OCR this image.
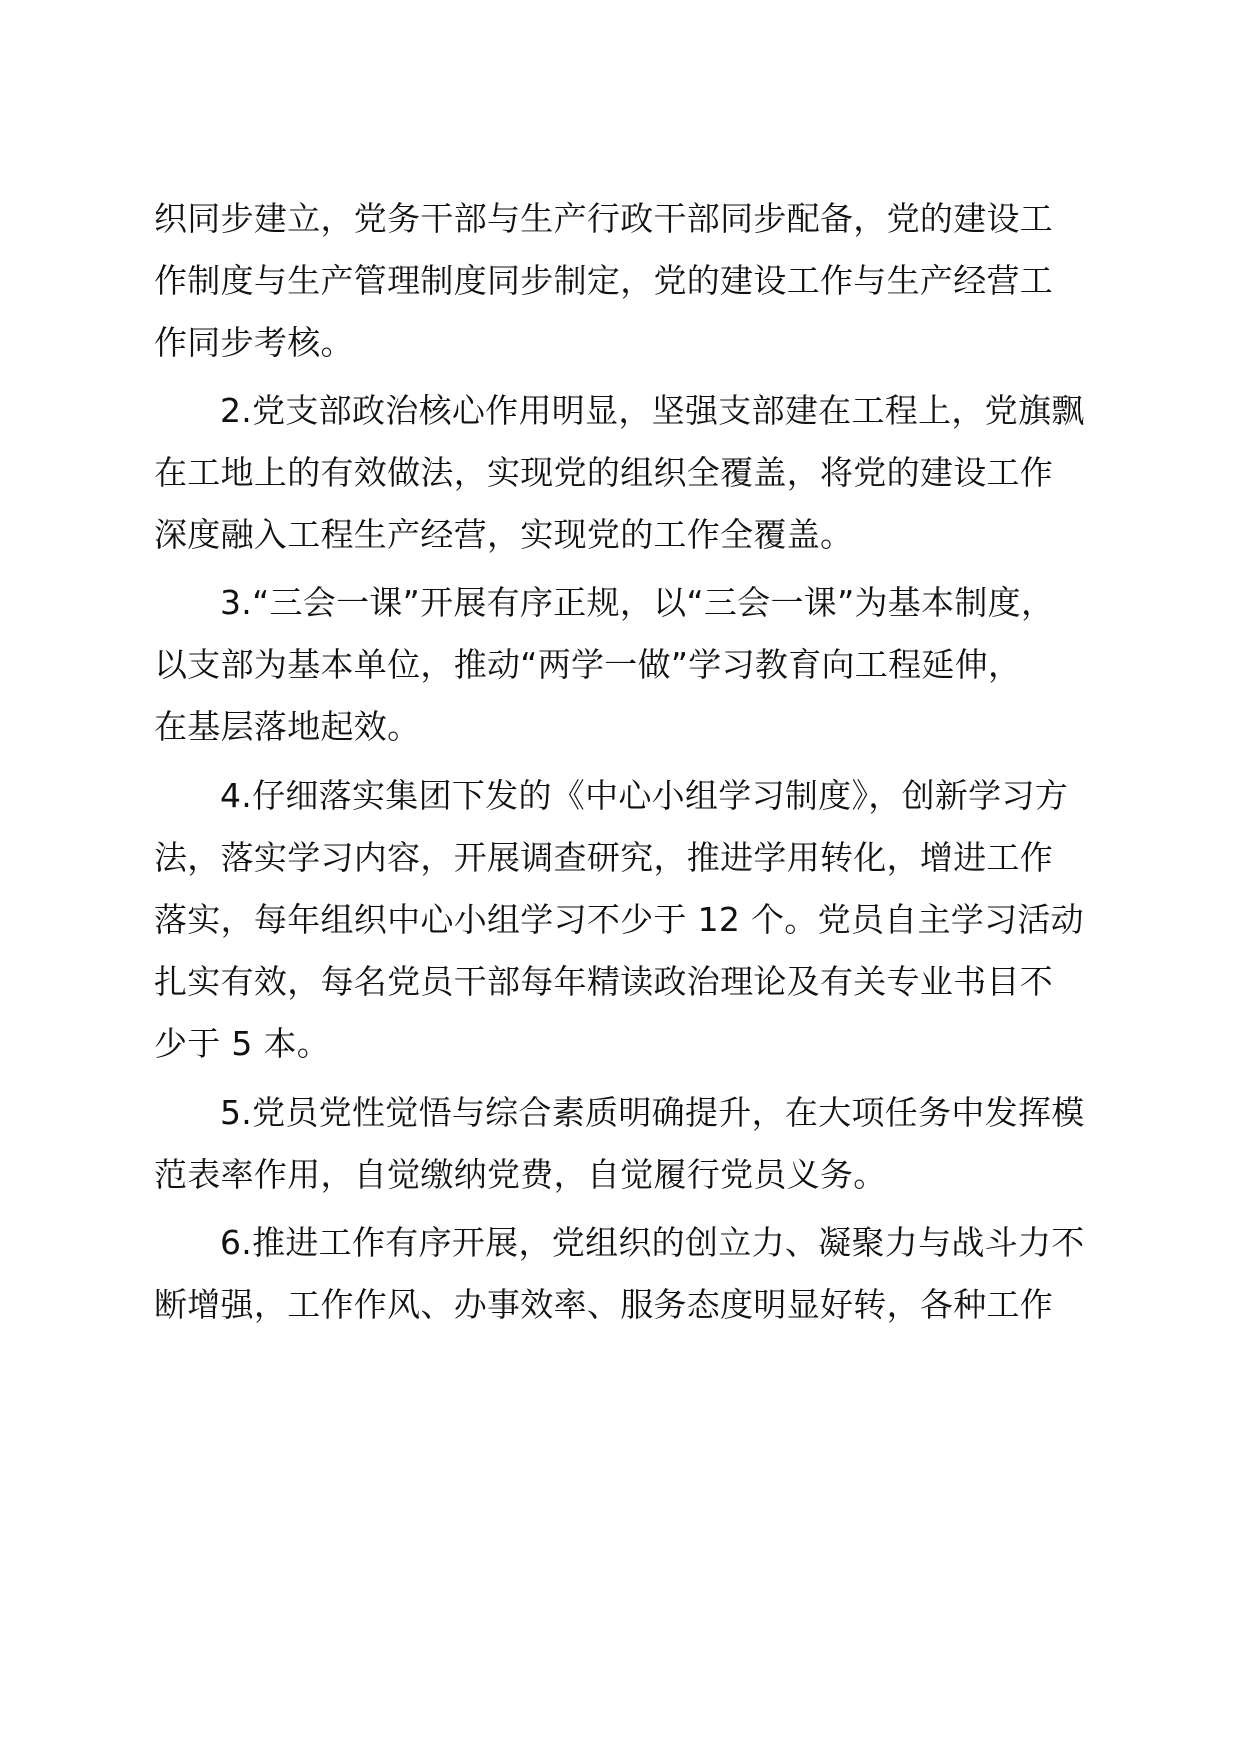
织同步建立，党务干部与生产行政干部同步配备，党的建设工
作制度与生产管理制度同步制定，党的建设工作与生产经营工
作同步考核。
2.党支部政治核心作用明显，坚强支部建在工程上，党旗飘
在工地上的有效做法，实现党的组织全覆盖，将党的建设工作
深度融入工程生产经营，实现党的工作全覆盖。
3.“三会一课”开展有序正规，以“三会一课”为基本制度，
以支部为基本单位，推动“两学一做”学习教育向工程延伸，
在基层落地起效。
4.仔细落实集团下发的《中心小组学习制度》，创新学习方
法，落实学习内容，开展调查研究，推进学用转化，增进工作
落实，每年组织中心小组学习不少于 12 个。党员自主学习活动
扎实有效，每名党员干部每年精读政治理论及有关专业书目不
少于 5 本。
5.党员党性觉悟与综合素质明确提升，在大项任务中发挥模
范表率作用，自觉缴纳党费，自觉履行党员义务。
6.推进工作有序开展，党组织的创立力、凝聚力与战斗力不
断增强，工作作风、办事效率、服务态度明显好转，各种工作
